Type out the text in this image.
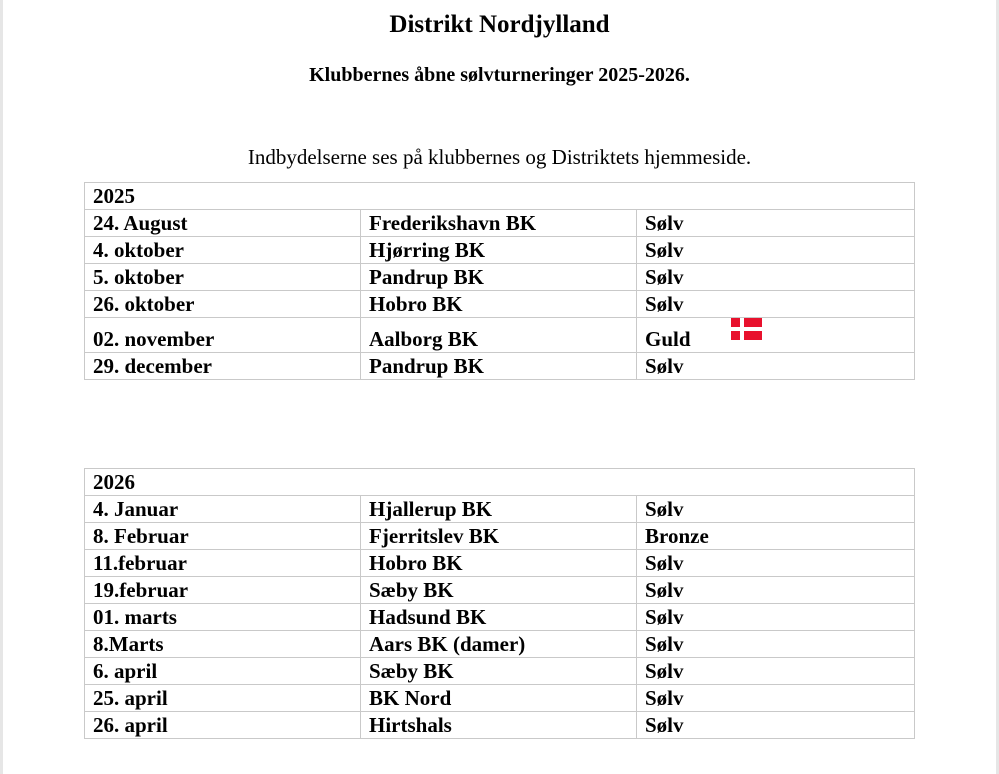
Distrikt Nordjylland
Klubbernes åbne sølvturneringer 2025-2026.
Indbydelserne ses på klubbernes og Distriktets hjemmeside.
2025		
24. August	Frederikshavn BK	Sølv
4. oktober	Hjørring BK	Sølv
5. oktober	Pandrup BK	Sølv
26. oktober	Hobro BK	Sølv
02. november	Aalborg BK	Guld

29. december	Pandrup BK	Sølv
2026		
4. Januar	Hjallerup BK	Sølv
8. Februar	Fjerritslev BK	Bronze
11.februar	Hobro BK	Sølv
19.februar	Sæby BK	Sølv
01. marts	Hadsund BK	Sølv
8.Marts	Aars BK (damer)	Sølv
6. april	Sæby BK	Sølv
25. april	BK Nord	Sølv
26. april	Hirtshals	Sølv
